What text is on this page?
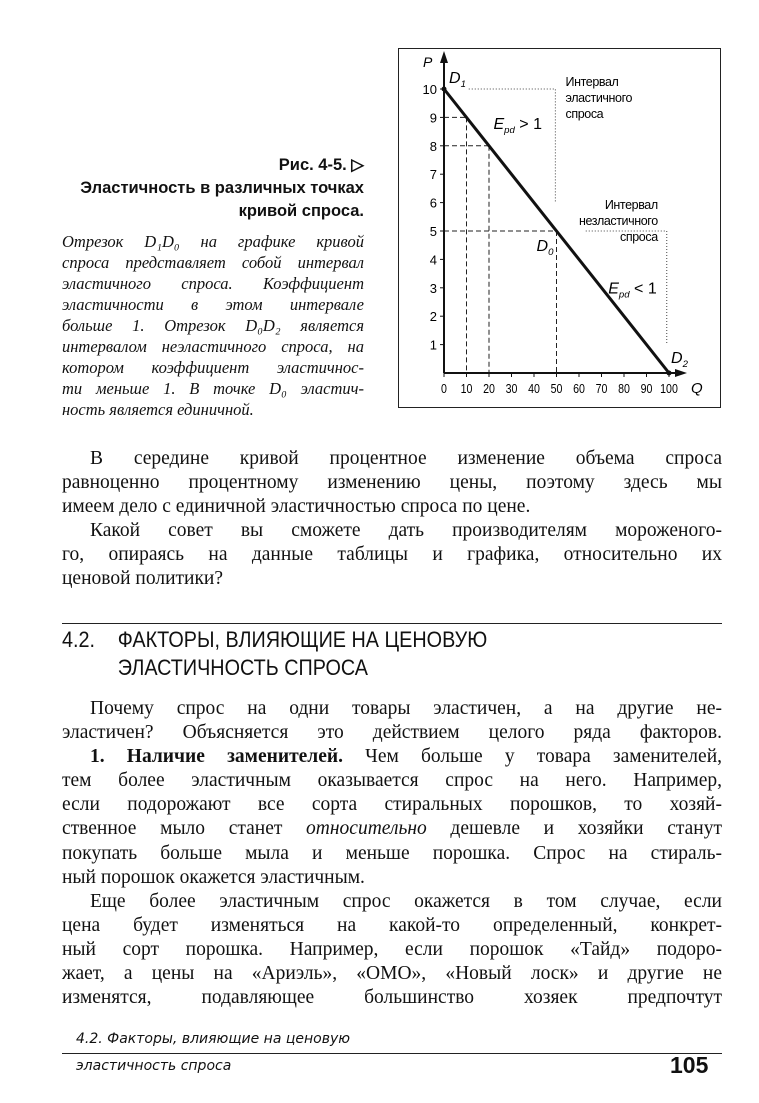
Рис. 4-5. ▷
Эластичность в различных точках
кривой спроса.
Отрезок D₁D₀ на графике кривой
спроса представляет собой интервал
эластичного спроса. Коэффициент
эластичности в этом интервале
больше 1. Отрезок D₀D₂ является
интервалом неэластичного спроса, на
котором коэффициент эластичнос-
ти меньше 1. В точке D₀ эластич-
ность является единичной.
P
Q
1
2
3
4
5
6
7
8
9
10
0 10 20 30 40 50 60 70 80 90 100
$D_1$
$D_0$
$D_2$
$E_{pd} > 1$
$E_{pd} < 1$
Интервал
эластичного
спроса
Интервал
незластичного
спроса
В середине кривой процентное изменение объема спроса
равноценно процентному изменению цены, поэтому здесь мы
имеем дело с единичной эластичностью спроса по цене.
Какой совет вы сможете дать производителям мороженого-
го, опираясь на данные таблицы и графика, относительно их
ценовой политики?
4.2. ФАКТОРЫ, ВЛИЯЮЩИЕ НА ЦЕНОВУЮ
ЭЛАСТИЧНОСТЬ СПРОСА
Почему спрос на одни товары эластичен, а на другие не-
эластичен? Объясняется это действием целого ряда факторов.
1. Наличие заменителей. Чем больше у товара заменителей,
тем более эластичным оказывается спрос на него. Например,
если подорожают все сорта стиральных порошков, то хозяй-
ственное мыло станет относительно дешевле и хозяйки станут
покупать больше мыла и меньше порошка. Спрос на стираль-
ный порошок окажется эластичным.
Еще более эластичным спрос окажется в том случае, если
цена будет изменяться на какой-то определенный, конкрет-
ный сорт порошка. Например, если порошок «Тайд» подоро-
жает, а цены на «Ариэль», «ОМО», «Новый лоск» и другие не
изменятся, подавляющее большинство хозяек предпочтут
4.2. Факторы, влияющие на ценовую
эластичность спроса	105
